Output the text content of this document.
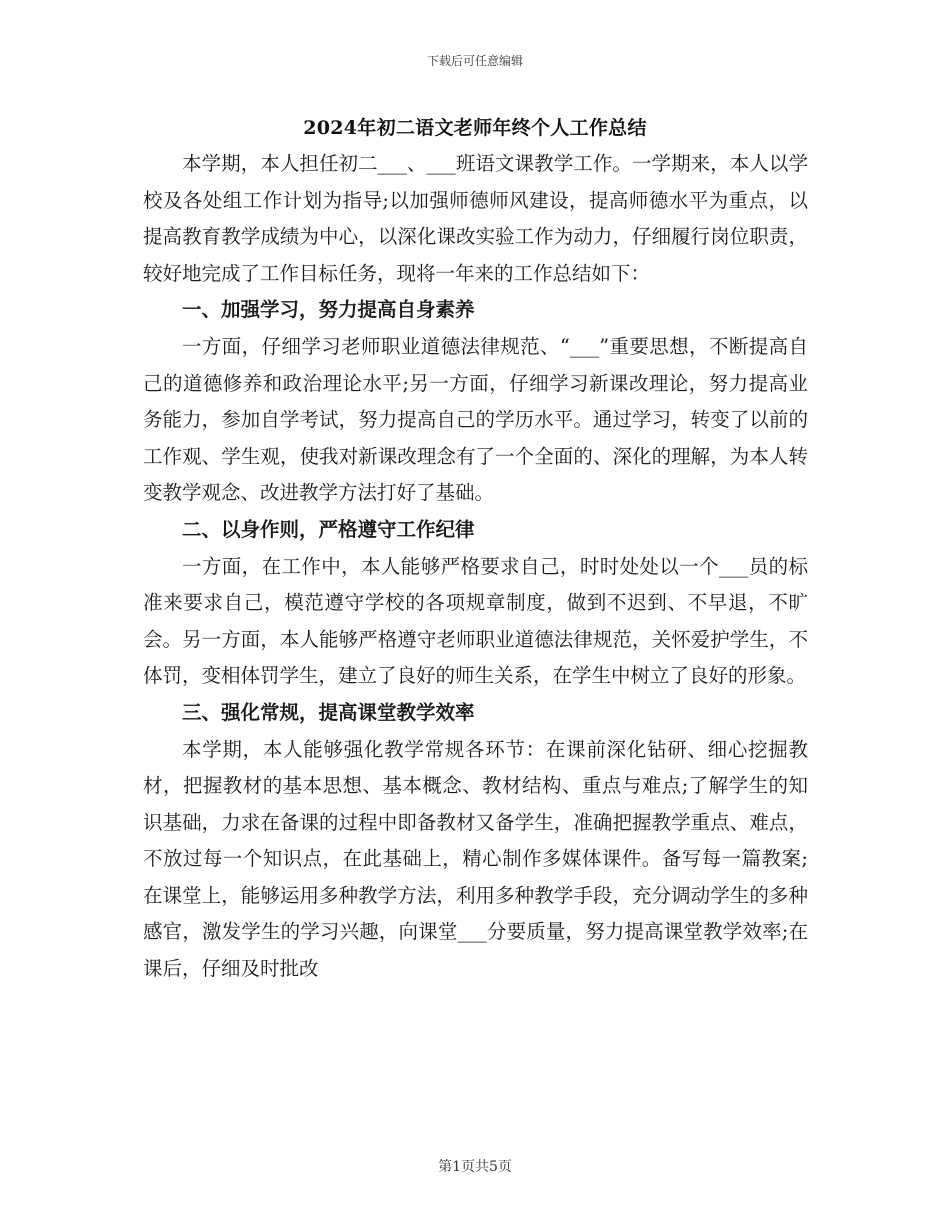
下载后可任意编辑
2024年初二语文老师年终个人工作总结

本学期，本人担任初二___、___班语文课教学工作。一学期来，本人以学校及各处组工作计划为指导;以加强师德师风建设，提高师德水平为重点，以提高教育教学成绩为中心，以深化课改实验工作为动力，仔细履行岗位职责，较好地完成了工作目标任务，现将一年来的工作总结如下：

一、加强学习，努力提高自身素养

一方面，仔细学习老师职业道德法律规范、“___”重要思想，不断提高自己的道德修养和政治理论水平;另一方面，仔细学习新课改理论，努力提高业务能力，参加自学考试，努力提高自己的学历水平。通过学习，转变了以前的工作观、学生观，使我对新课改理念有了一个全面的、深化的理解，为本人转变教学观念、改进教学方法打好了基础。

二、以身作则，严格遵守工作纪律

一方面，在工作中，本人能够严格要求自己，时时处处以一个___员的标准来要求自己，模范遵守学校的各项规章制度，做到不迟到、不早退，不旷会。另一方面，本人能够严格遵守老师职业道德法律规范，关怀爱护学生，不体罚，变相体罚学生，建立了良好的师生关系，在学生中树立了良好的形象。

三、强化常规，提高课堂教学效率

本学期，本人能够强化教学常规各环节：在课前深化钻研、细心挖掘教材，把握教材的基本思想、基本概念、教材结构、重点与难点;了解学生的知识基础，力求在备课的过程中即备教材又备学生，准确把握教学重点、难点，不放过每一个知识点，在此基础上，精心制作多媒体课件。备写每一篇教案;在课堂上，能够运用多种教学方法，利用多种教学手段，充分调动学生的多种感官，激发学生的学习兴趣，向课堂___分要质量，努力提高课堂教学效率;在课后，仔细及时批改

第1页共5页
